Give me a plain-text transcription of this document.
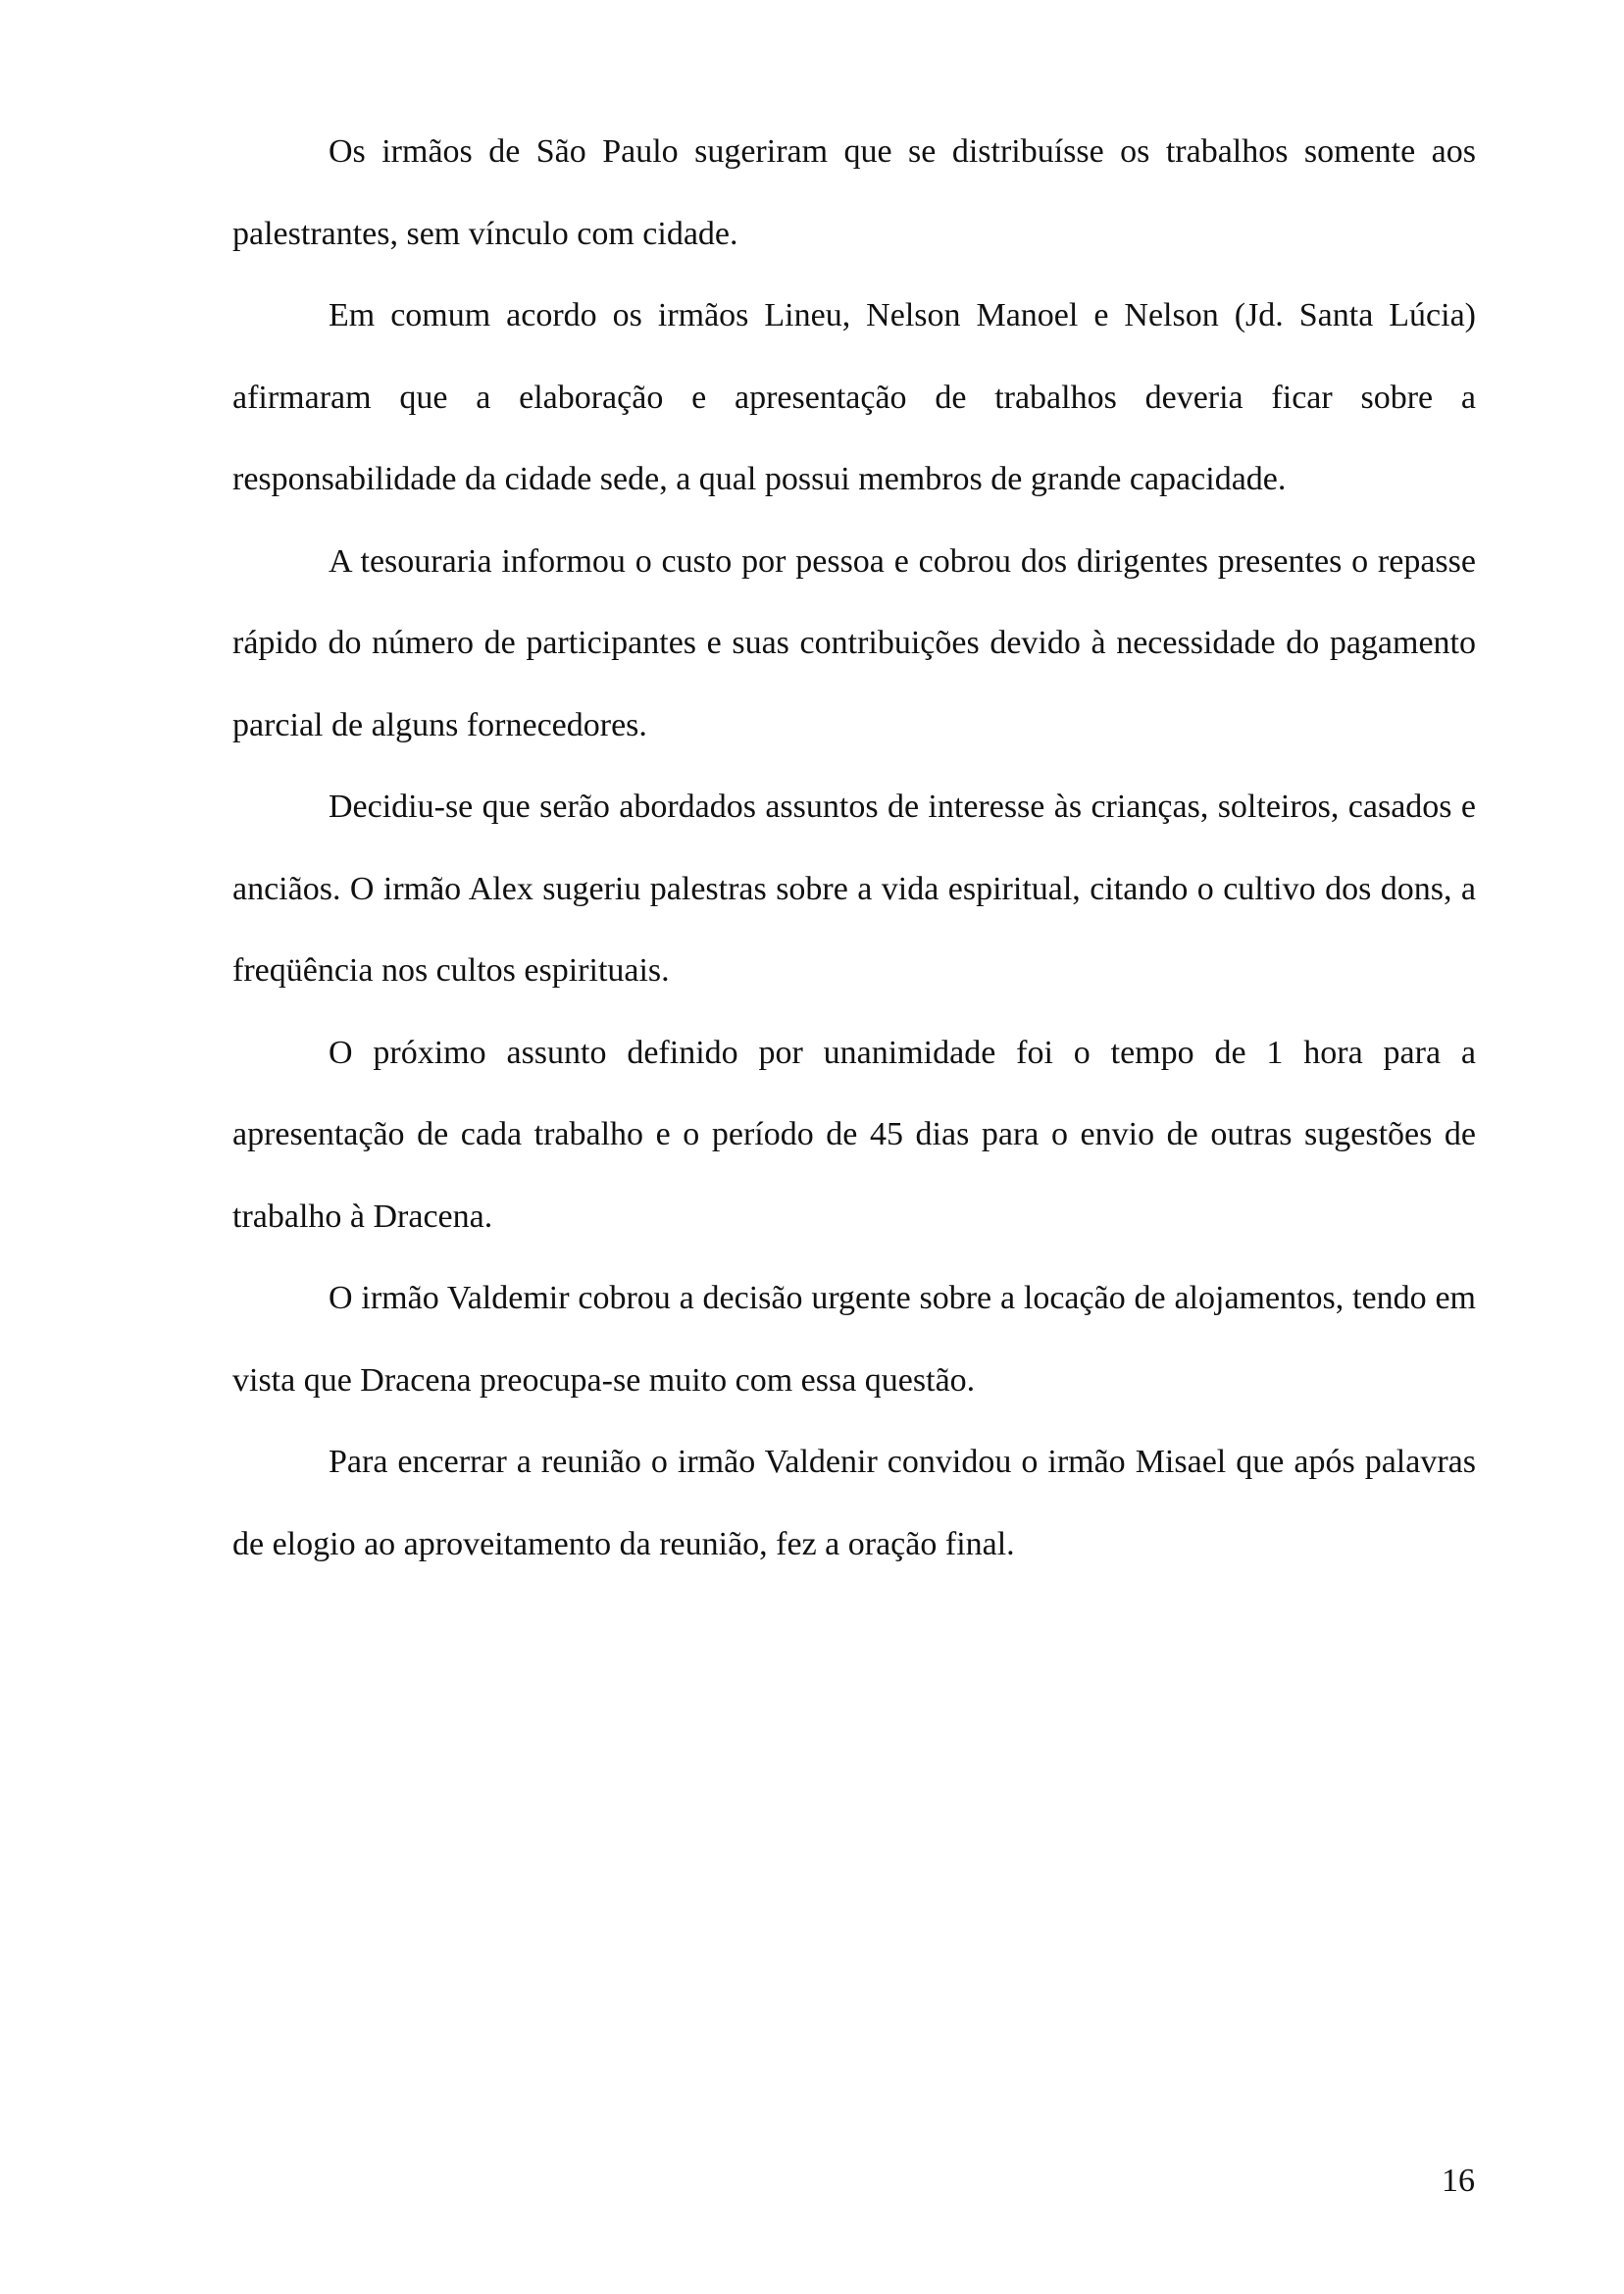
Os irmãos de São Paulo sugeriram que se distribuísse os trabalhos somente aos palestrantes, sem vínculo com cidade.

Em comum acordo os irmãos Lineu, Nelson Manoel e Nelson (Jd. Santa Lúcia) afirmaram que a elaboração e apresentação de trabalhos deveria ficar sobre a responsabilidade da cidade sede, a qual possui membros de grande capacidade.

A tesouraria informou o custo por pessoa e cobrou dos dirigentes presentes o repasse rápido do número de participantes e suas contribuições devido à necessidade do pagamento parcial de alguns fornecedores.

Decidiu-se que serão abordados assuntos de interesse às crianças, solteiros, casados e anciãos. O irmão Alex sugeriu palestras sobre a vida espiritual, citando o cultivo dos dons, a freqüência nos cultos espirituais.

O próximo assunto definido por unanimidade foi o tempo de 1 hora para a apresentação de cada trabalho e o período de 45 dias para o envio de outras sugestões de trabalho à Dracena.

O irmão Valdemir cobrou a decisão urgente sobre a locação de alojamentos, tendo em vista que Dracena preocupa-se muito com essa questão.

Para encerrar a reunião o irmão Valdenir convidou o irmão Misael que após palavras de elogio ao aproveitamento da reunião, fez a oração final.

16
